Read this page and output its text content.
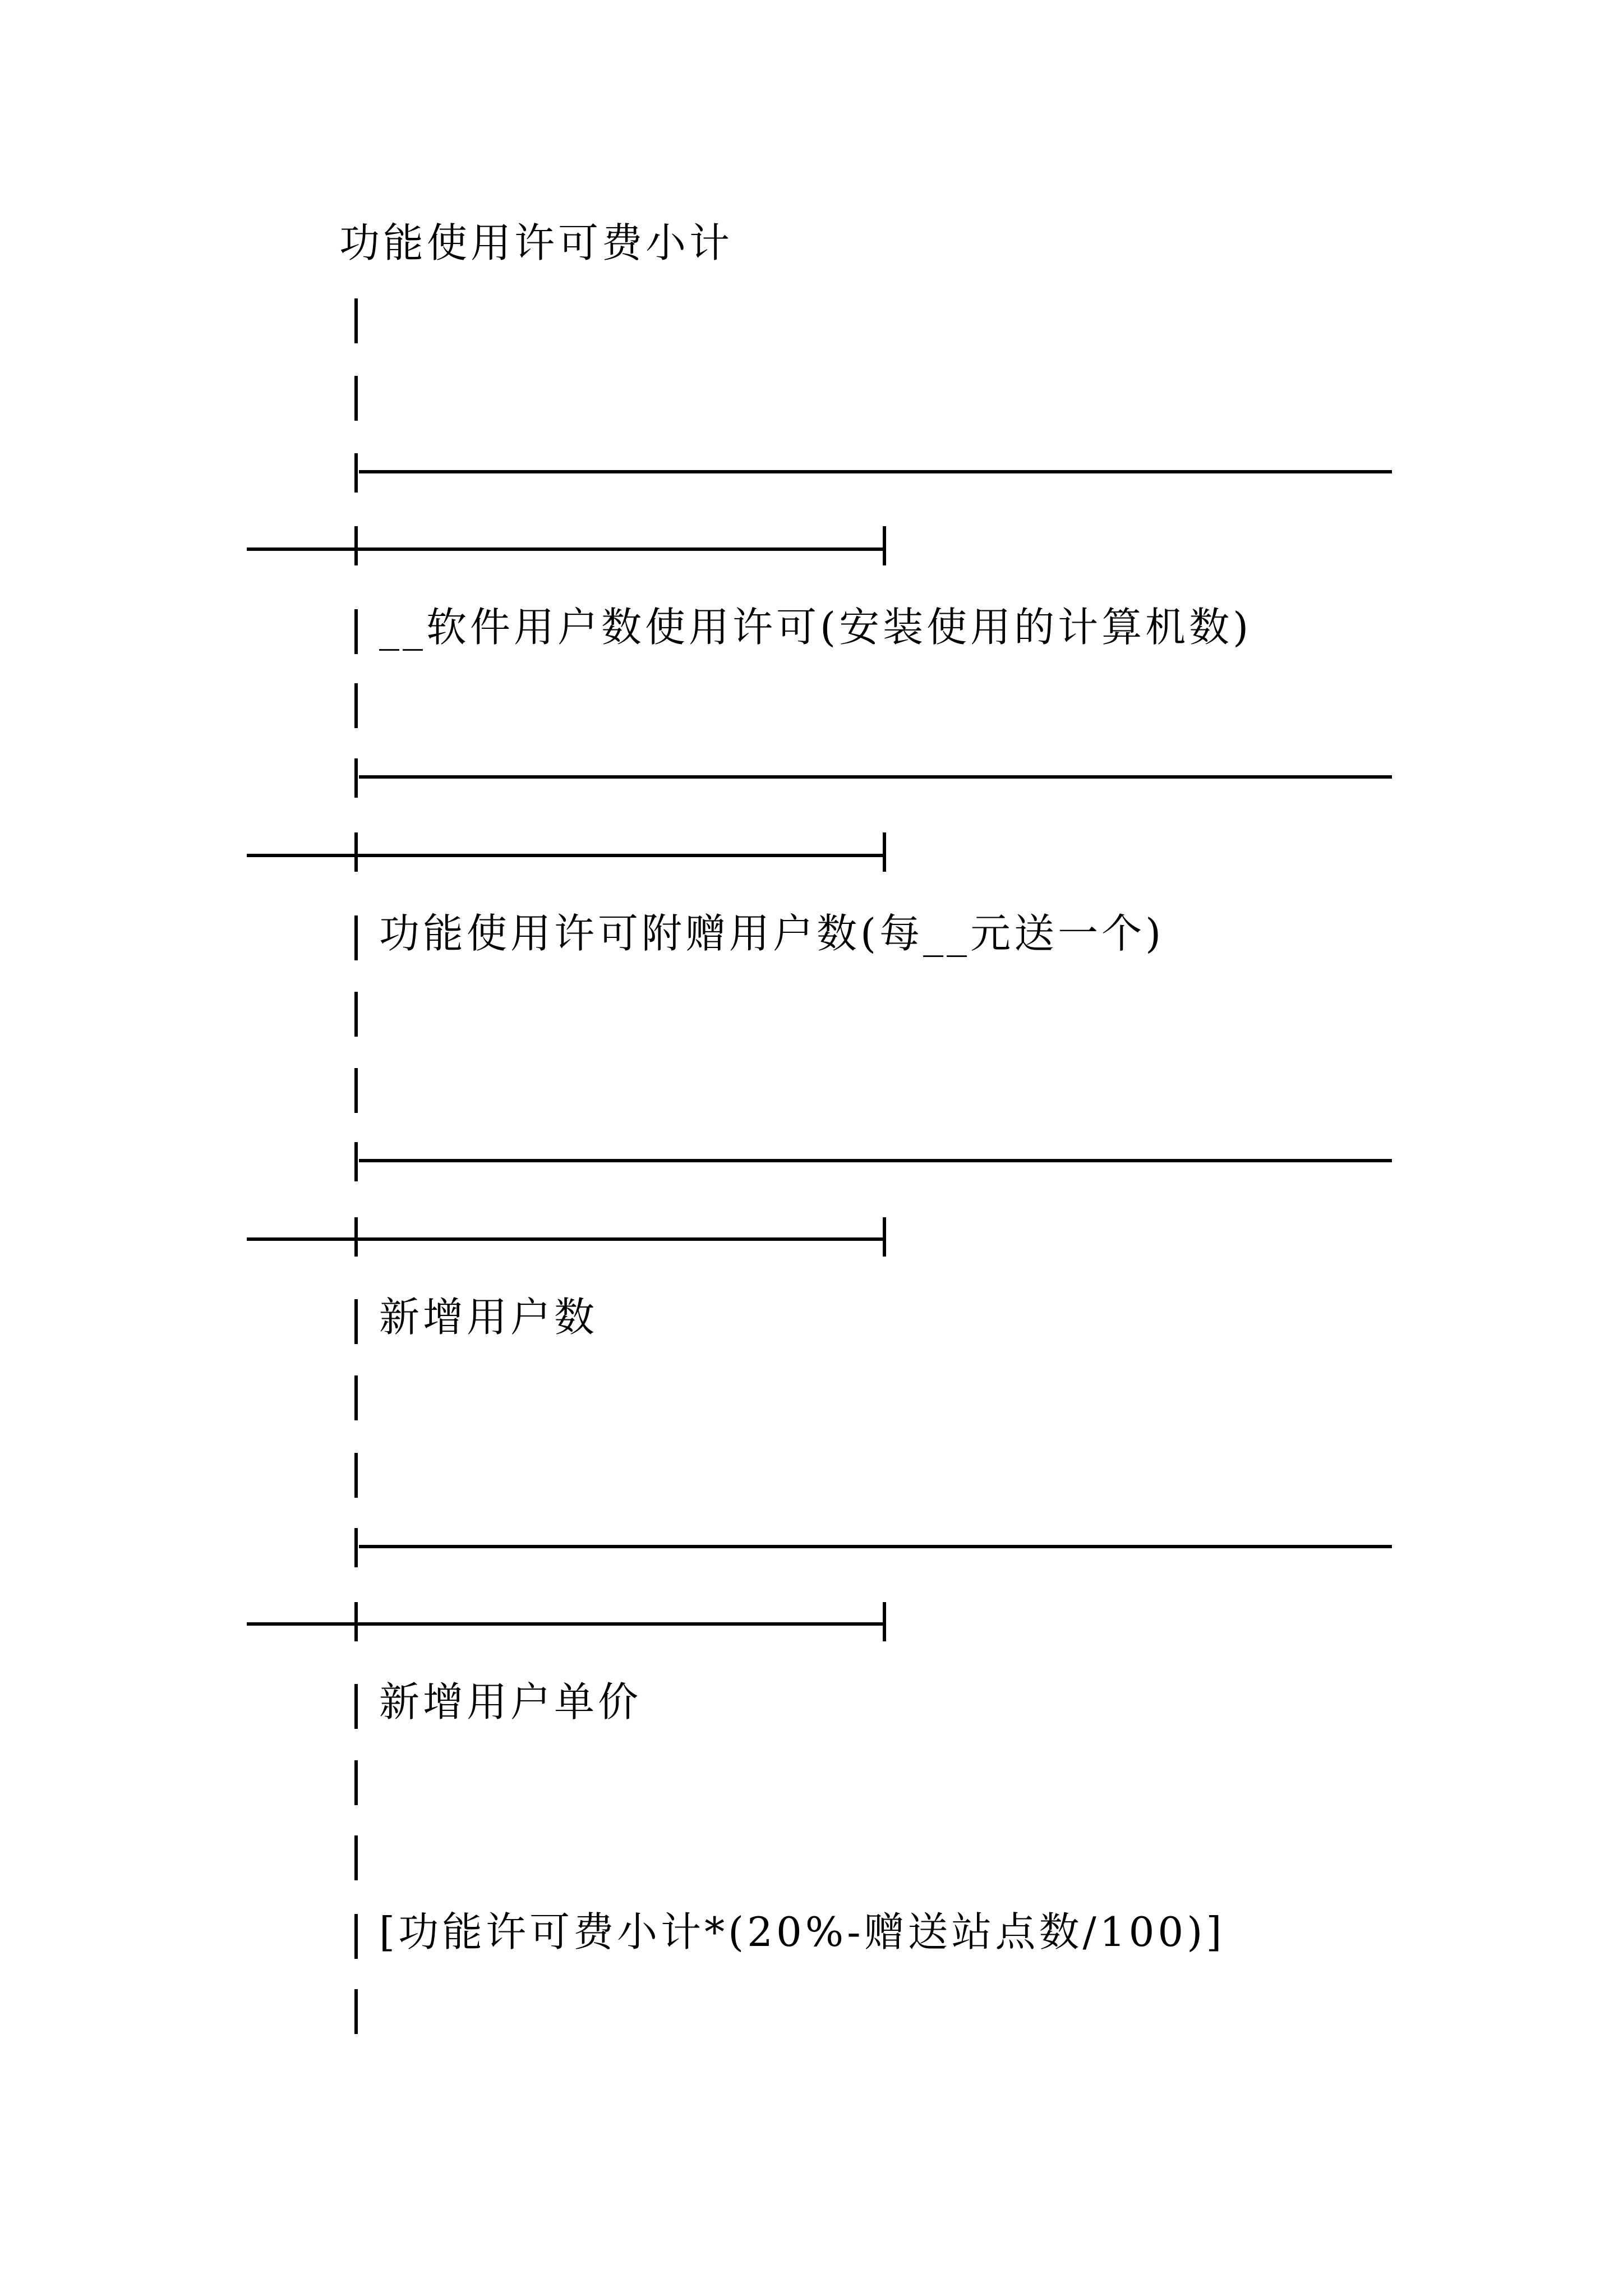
功能使用许可费小计
__软件用户数使用许可(安装使用的计算机数)
功能使用许可附赠用户数(每__元送一个)
新增用户数
新增用户单价
[功能许可费小计*(20%-赠送站点数/100)]
